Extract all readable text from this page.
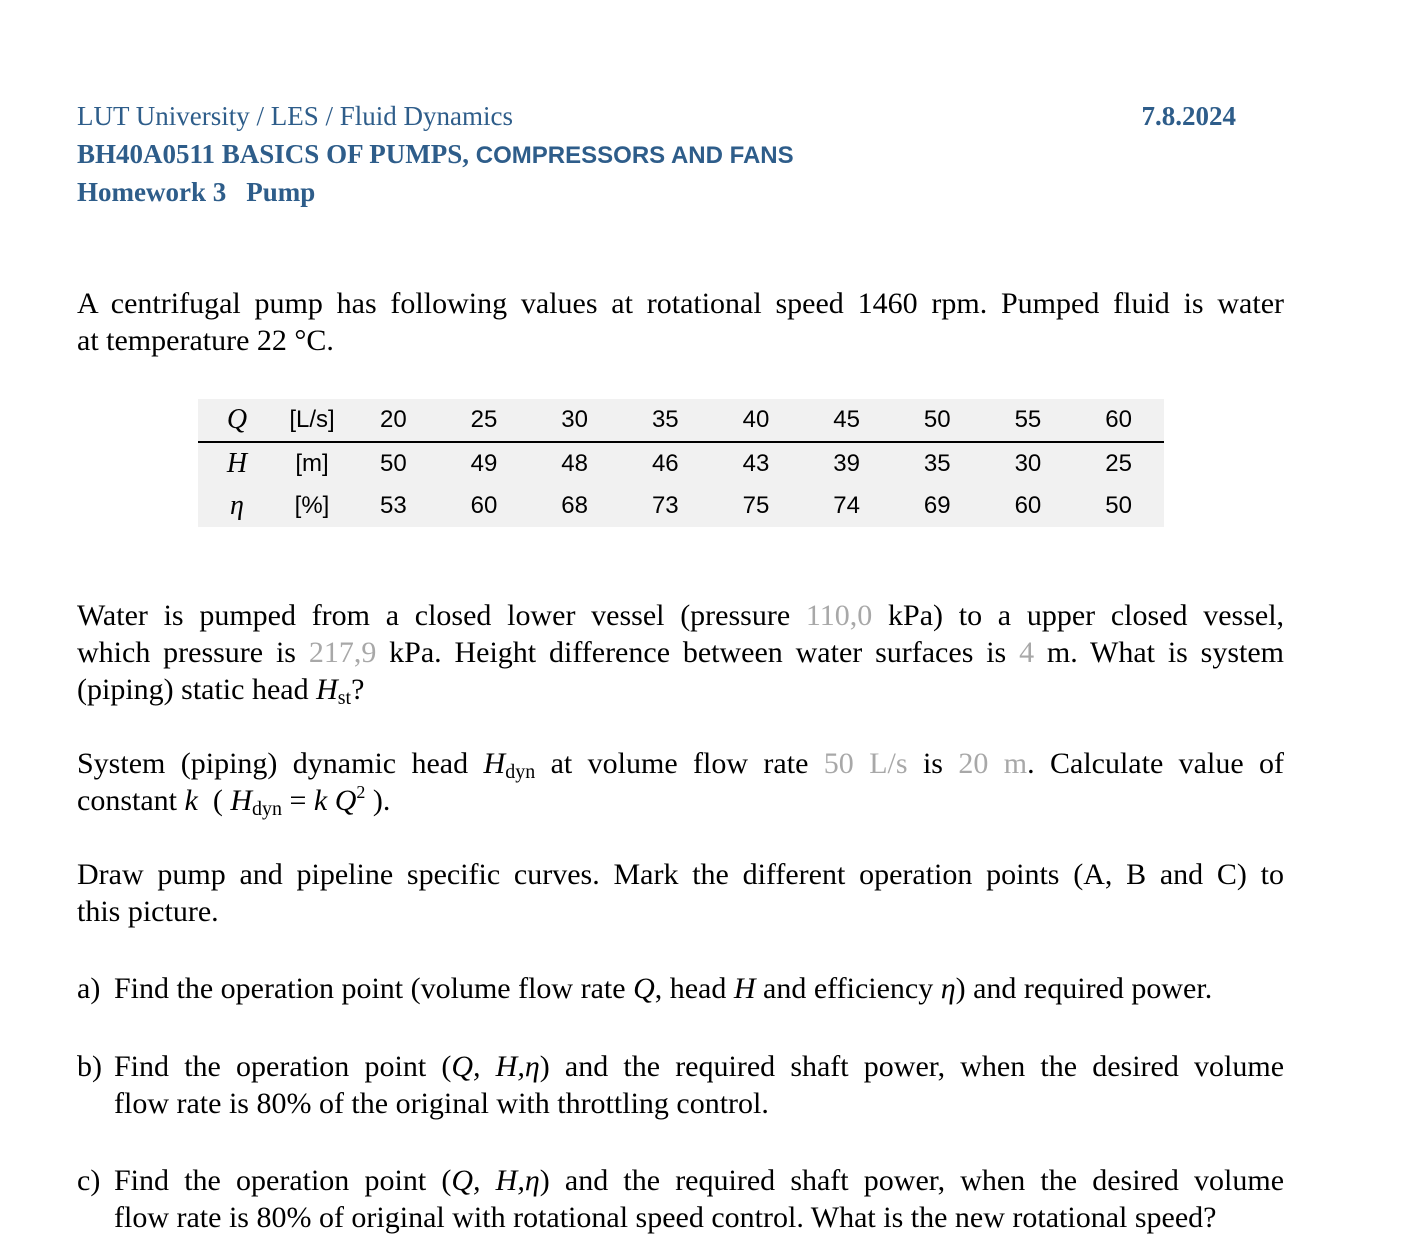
LUT University / LES / Fluid Dynamics
BH40A0511 BASICS OF PUMPS, COMPRESSORS AND FANS
Homework 3 Pump
7.8.2024
A centrifugal pump has following values at rotational speed 1460 rpm. Pumped fluid is water
at temperature 22 °C.
Q	[L/s]	20	25	30	35	40	45	50	55	60
H	[m]	50	49	48	46	43	39	35	30	25
η	[%]	53	60	68	73	75	74	69	60	50
Water is pumped from a closed lower vessel (pressure 110,0 kPa) to a upper closed vessel,
which pressure is 217,9 kPa. Height difference between water surfaces is 4 m. What is system
(piping) static head $H_{st}$?
System (piping) dynamic head $H_{dyn}$ at volume flow rate 50 L/s is 20 m. Calculate value of
constant k ( $H_{dyn} = k$ $Q^2$ ).
Draw pump and pipeline specific curves. Mark the different operation points (A, B and C) to
this picture.
a) Find the operation point (volume flow rate Q, head H and efficiency η) and required power.
b) Find the operation point (Q, H,η) and the required shaft power, when the desired volume
flow rate is 80% of the original with throttling control.
c) Find the operation point (Q, H,η) and the required shaft power, when the desired volume
flow rate is 80% of original with rotational speed control. What is the new rotational speed?
